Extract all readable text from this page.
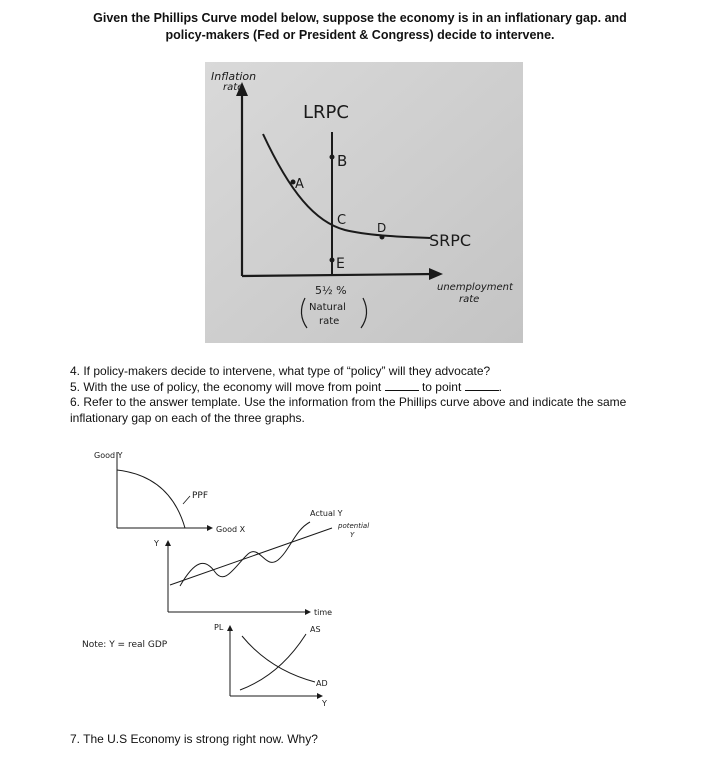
Given the Phillips Curve model below, suppose the economy is in an inflationary gap. and
policy-makers (Fed or President & Congress) decide to intervene.
Inflation
rate
LRPC
SRPC
A
B
C	D
E
unemployment
rate
5½ %
Natural
rate

4. If policy-makers decide to intervene, what type of “policy” will they advocate?

5. With the use of policy, the economy will move from point	to point	.

6. Refer to the answer template. Use the information from the Phillips curve above and indicate the same inflationary gap on each of the three graphs.

Good Y
PPF
Good X
Y
Actual Y
potential
Y
time
Note: Y = real GDP
PL	AS
AD
Y
7. The U.S Economy is strong right now. Why?
